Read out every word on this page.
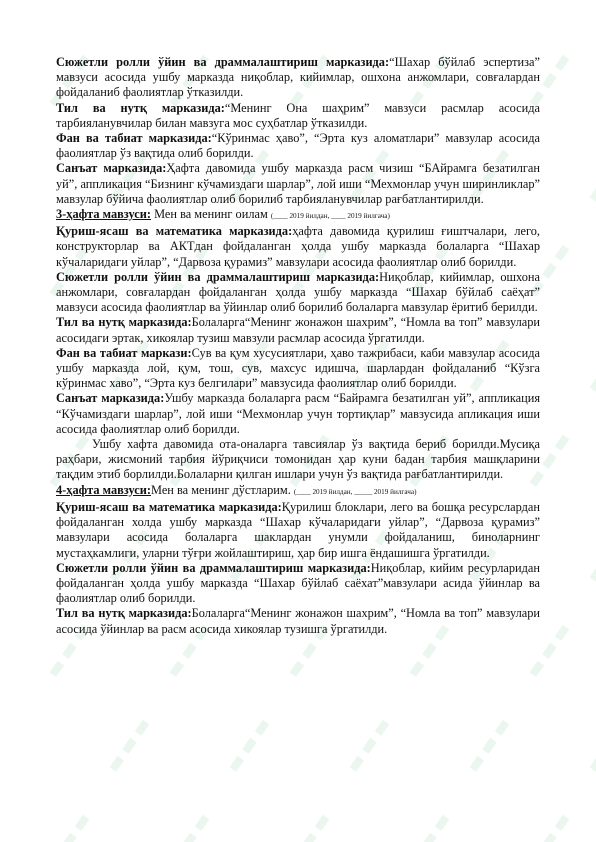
Сюжетли ролли ўйин ва драммалаштириш марказида:“Шахар бўйлаб эспертиза” мавзуси асосида ушбу марказда ниқоблар, кийимлар, ошхона анжомлари, совғалардан фойдаланиб фаолиятлар ўтказилди.

Тил ва нутқ марказида:“Менинг Она шаҳрим” мавзуси расмлар асосида тарбияланувчилар билан мавзуга мос суҳбатлар ўтказилди.

Фан ва табиат марказида:“Кўринмас ҳаво”, “Эрта куз аломатлари” мавзулар асосида фаолиятлар ўз вақтида олиб борилди.

Санъат марказида:Ҳафта давомида ушбу марказда расм чизиш “БАйрамга безатилган уй”, аппликация “Бизнинг кўчамиздаги шарлар”, лой иши “Мехмонлар учун ширинликлар” мавзулар бўйича фаолиятлар олиб борилиб тарбияланувчилар рағбатлантирилди.

3-ҳафта мавзуси: Мен ва менинг оилам (____ 2019 йилдан, ____ 2019 йилгача)

Қуриш-ясаш ва математика марказида:ҳафта давомида қурилиш ғиштчалари, лего, конструкторлар ва АКТдан фойдаланган ҳолда ушбу марказда болаларга “Шахар кўчаларидаги уйлар”, “Дарвоза қурамиз” мавзулари асосида фаолиятлар олиб борилди.

Сюжетли ролли ўйин ва драммалаштириш марказида:Ниқоблар, кийимлар, ошхона анжомлари, совғалардан фойдаланган ҳолда ушбу марказда “Шахар бўйлаб саёҳат” мавзуси асосида фаолиятлар ва ўйинлар олиб борилиб болаларга мавзулар ёритиб берилди.

Тил ва нутқ марказида:Болаларга“Менинг жонажон шахрим”, “Номла ва топ” мавзулари асосидаги эртак, хикоялар тузиш мавзули расмлар асосида ўргатилди.

Фан ва табиат маркази:Сув ва қум хусусиятлари, ҳаво тажрибаси, каби мавзулар асосида ушбу марказда лой, қум, тош, сув, махсус идишча, шарлардан фойдаланиб “Кўзга кўринмас хаво”, “Эрта куз белгилари” мавзусида фаолиятлар олиб борилди.

Санъат марказида:Ушбу марказда болаларга расм “Байрамга безатилган уй”, аппликация “Кўчамиздаги шарлар”, лой иши “Мехмонлар учун тортиқлар” мавзусида апликация иши асосида фаолиятлар олиб борилди.

Ушбу хафта давомида ота-оналарга тавсиялар ўз вақтида бериб борилди.Мусиқа раҳбари, жисмоний тарбия йўриқчиси томонидан ҳар куни бадан тарбия машқларини тақдим этиб борлилди.Болаларни қилган ишлари учун ўз вақтида рағбатлантирилди.

4-ҳафта мавзуси:Мен ва менинг дўстларим. (____ 2019 йилдан, _____ 2019 йилгача)

Қуриш-ясаш ва математика марказида:Қурилиш блоклари, лего ва бошқа ресурслардан фойдаланган холда ушбу марказда “Шахар кўчаларидаги уйлар”, “Дарвоза қурамиз” мавзулари асосида болаларга шаклардан унумли фойдаланиш, биноларнинг мустаҳкамлиги, уларни тўғри жойлаштириш, ҳар бир ишга ёндашишга ўргатилди.

Сюжетли ролли ўйин ва драммалаштириш марказида:Ниқоблар, кийим ресурларидан фойдаланган ҳолда ушбу марказда “Шахар бўйлаб саёхат”мавзулари асида ўйинлар ва фаолиятлар олиб борилди.

Тил ва нутқ марказида:Болаларга“Менинг жонажон шахрим”, “Номла ва топ” мавзулари асосида ўйинлар ва расм асосида хикоялар тузишга ўргатилди.
